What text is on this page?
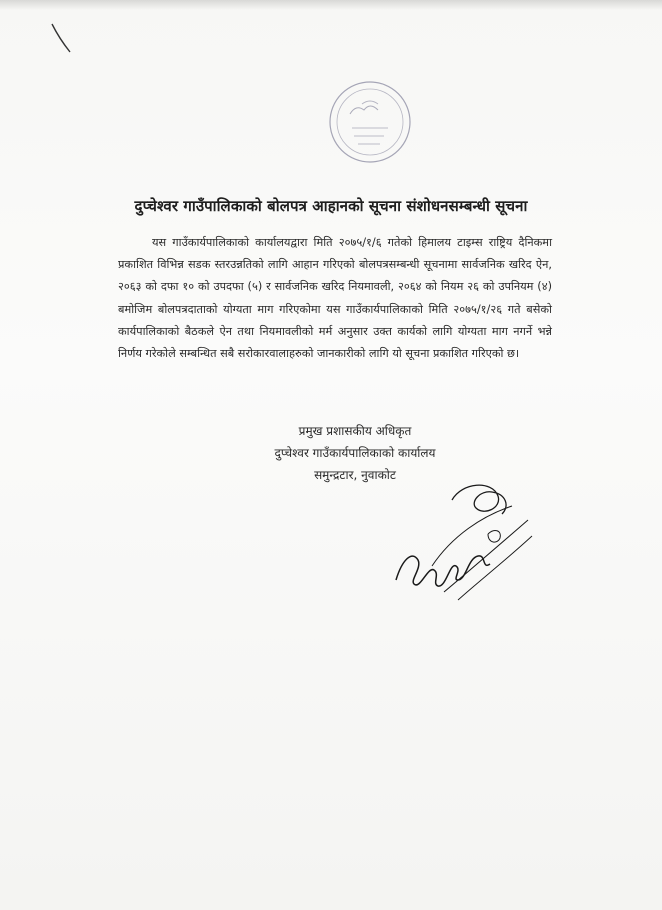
दुप्चेश्वर गाउँपालिकाको बोलपत्र आहानको सूचना संशोधनसम्बन्धी सूचना
यस गाउँकार्यपालिकाको कार्यालयद्वारा मिति २०७५/१/६ गतेको हिमालय टाइम्स राष्ट्रिय दैनिकमा प्रकाशित विभिन्न सडक स्तरउन्नतिको लागि आहान गरिएको बोलपत्रसम्बन्धी सूचनामा सार्वजनिक खरिद ऐन, २०६३ को दफा १० को उपदफा (५) र सार्वजनिक खरिद नियमावली, २०६४ को नियम २६ को उपनियम (४) बमोजिम बोलपत्रदाताको योग्यता माग गरिएकोमा यस गाउँकार्यपालिकाको मिति २०७५/१/२६ गते बसेको कार्यपालिकाको बैठकले ऐन तथा नियमावलीको मर्म अनुसार उक्त कार्यको लागि योग्यता माग नगर्ने भन्ने निर्णय गरेकोले सम्बन्धित सबै सरोकारवालाहरुको जानकारीको लागि यो सूचना प्रकाशित गरिएको छ।
प्रमुख प्रशासकीय अधिकृत
दुप्चेश्वर गाउँकार्यपालिकाको कार्यालय
समुन्द्रटार, नुवाकोट
